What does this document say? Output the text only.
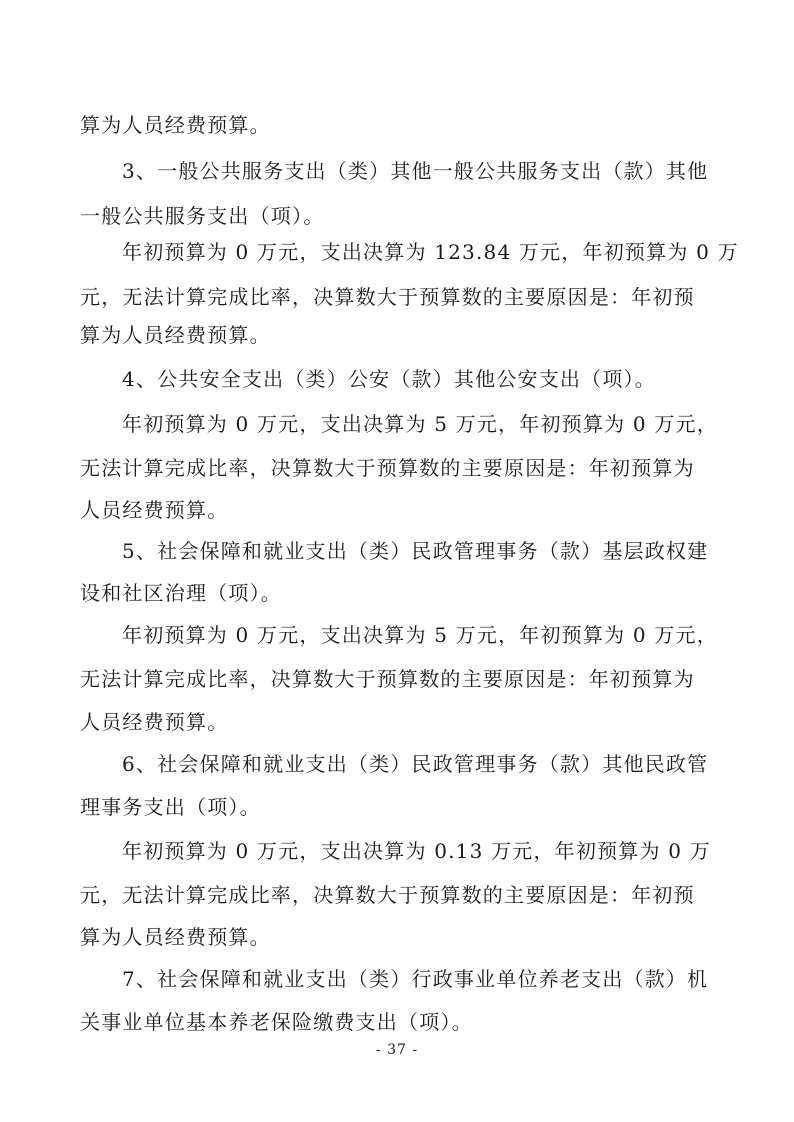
算为人员经费预算。
3、一般公共服务支出（类）其他一般公共服务支出（款）其他
一般公共服务支出（项）。
年初预算为 0 万元，支出决算为 123.84 万元，年初预算为 0 万
元，无法计算完成比率，决算数大于预算数的主要原因是：年初预
算为人员经费预算。
4、公共安全支出（类）公安（款）其他公安支出（项）。
年初预算为 0 万元，支出决算为 5 万元，年初预算为 0 万元，
无法计算完成比率，决算数大于预算数的主要原因是：年初预算为
人员经费预算。
5、社会保障和就业支出（类）民政管理事务（款）基层政权建
设和社区治理（项）。
年初预算为 0 万元，支出决算为 5 万元，年初预算为 0 万元，
无法计算完成比率，决算数大于预算数的主要原因是：年初预算为
人员经费预算。
6、社会保障和就业支出（类）民政管理事务（款）其他民政管
理事务支出（项）。
年初预算为 0 万元，支出决算为 0.13 万元，年初预算为 0 万
元，无法计算完成比率，决算数大于预算数的主要原因是：年初预
算为人员经费预算。
7、社会保障和就业支出（类）行政事业单位养老支出（款）机
关事业单位基本养老保险缴费支出（项）。
- 37 -
